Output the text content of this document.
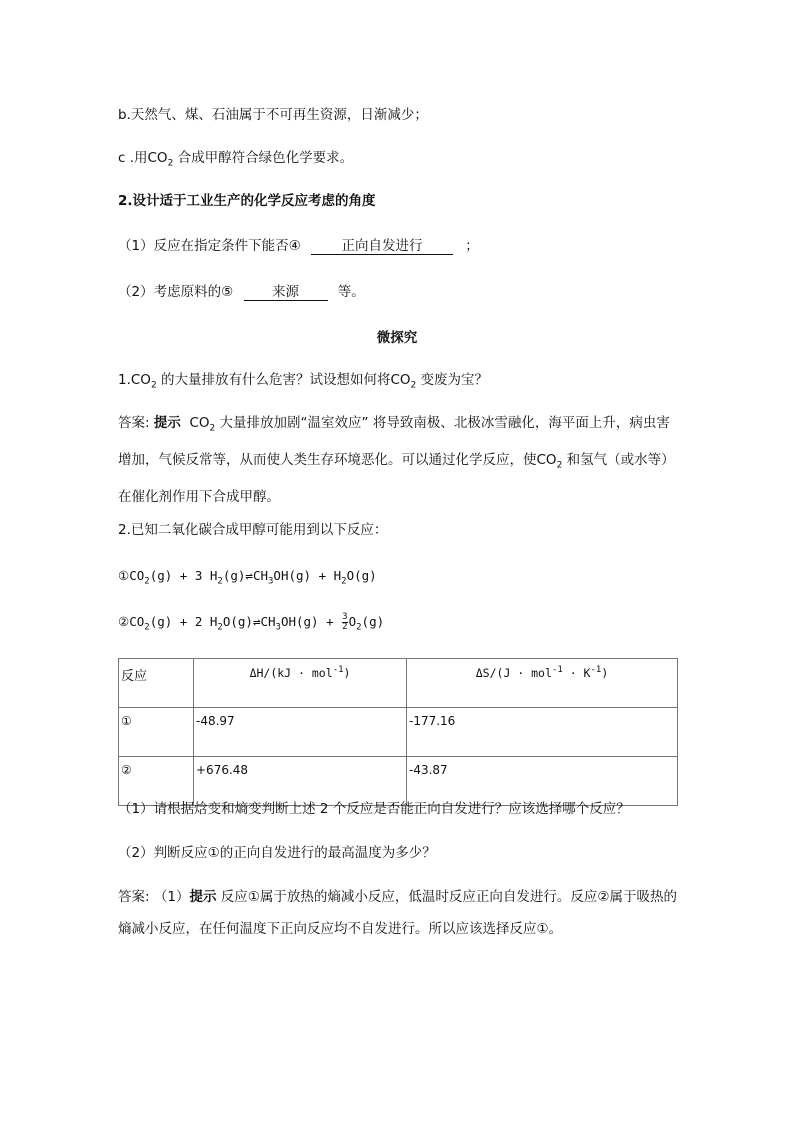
b.天然气、煤、石油属于不可再生资源，日渐减少；
c .用$CO_2$ 合成甲醇符合绿色化学要求。
2.设计适于工业生产的化学反应考虑的角度
（1）反应在指定条件下能否④	正向自发进行	；
（2）考虑原料的⑤	来源	等。
微探究
$1.CO_2$ 的大量排放有什么危害？试设想如何将$CO_2$ 变废为宝？
答案: 提示 $CO_2$ 大量排放加剧“温室效应” 将导致南极、北极冰雪融化，海平面上升，病虫害增加，气候反常等，从而使人类生存环境恶化。可以通过化学反应，使$CO_2$ 和氢气（或水等）在催化剂作用下合成甲醇。
2.已知二氧化碳合成甲醇可能用到以下反应：
$①CO_2(g) + 3$ $H_2(g)\rightleftharpoons CH_3OH(g) + H_2O(g)$
$②CO_2(g) + 2$ $H_2O(g)\rightleftharpoons CH_3OH(g) + \frac{3}{2} O_2(g)$
反应	ΔH/(kJ · mol$^{-1}$)	$\Delta S/(J \cdot mol^{-1} \cdot K^{-1})$
①	-48.97	-177.16
②	+676.48	-43.87
（1）请根据焓变和熵变判断上述 2 个反应是否能正向自发进行？应该选择哪个反应？
（2）判断反应①的正向自发进行的最高温度为多少？
答案: （1）提示 反应①属于放热的熵减小反应，低温时反应正向自发进行。反应②属于吸热的熵减小反应，在任何温度下正向反应均不自发进行。所以应该选择反应①。
